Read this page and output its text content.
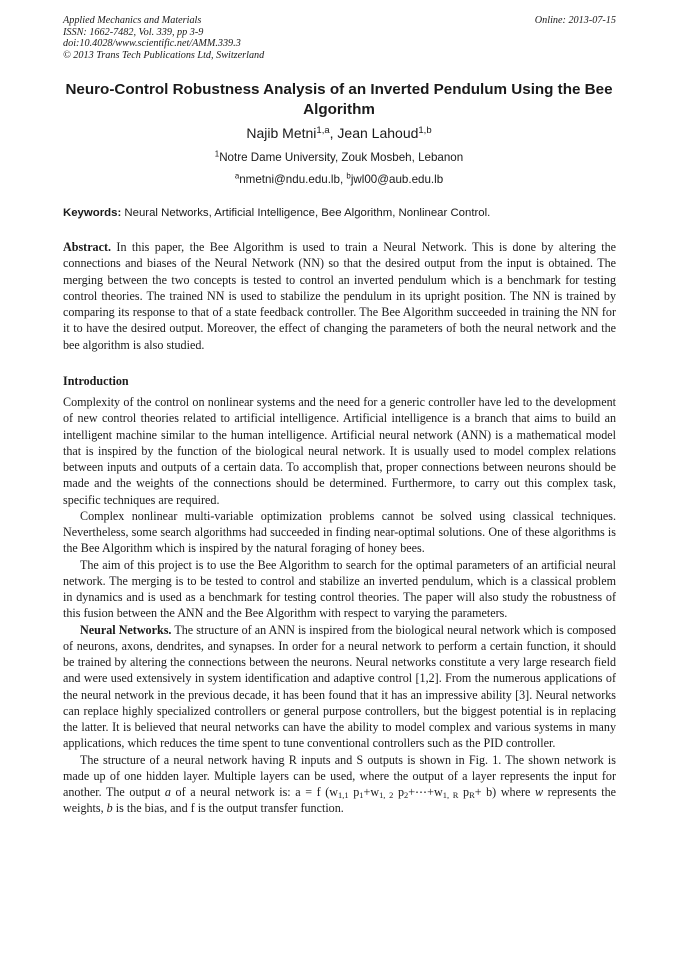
Applied Mechanics and Materials
ISSN: 1662-7482, Vol. 339, pp 3-9
doi:10.4028/www.scientific.net/AMM.339.3
© 2013 Trans Tech Publications Ltd, Switzerland
Online: 2013-07-15
Neuro-Control Robustness Analysis of an Inverted Pendulum Using the Bee Algorithm
Najib Metni$^{1,a}$, Jean Lahoud$^{1,b}$
$^1$Notre Dame University, Zouk Mosbeh, Lebanon
$^a$nmetni@ndu.edu.lb, $^b$jwl00@aub.edu.lb
Keywords: Neural Networks, Artificial Intelligence, Bee Algorithm, Nonlinear Control.
Abstract. In this paper, the Bee Algorithm is used to train a Neural Network. This is done by altering the connections and biases of the Neural Network (NN) so that the desired output from the input is obtained. The merging between the two concepts is tested to control an inverted pendulum which is a benchmark for testing control theories. The trained NN is used to stabilize the pendulum in its upright position. The NN is trained by comparing its response to that of a state feedback controller. The Bee Algorithm succeeded in training the NN for it to have the desired output. Moreover, the effect of changing the parameters of both the neural network and the bee algorithm is also studied.
Introduction

Complexity of the control on nonlinear systems and the need for a generic controller have led to the development of new control theories related to artificial intelligence. Artificial intelligence is a branch that aims to build an intelligent machine similar to the human intelligence. Artificial neural network (ANN) is a mathematical model that is inspired by the function of the biological neural network. It is usually used to model complex relations between inputs and outputs of a certain data. To accomplish that, proper connections between neurons should be made and the weights of the connections should be determined. Furthermore, to carry out this complex task, specific techniques are required.

Complex nonlinear multi-variable optimization problems cannot be solved using classical techniques. Nevertheless, some search algorithms had succeeded in finding near-optimal solutions. One of these algorithms is the Bee Algorithm which is inspired by the natural foraging of honey bees.

The aim of this project is to use the Bee Algorithm to search for the optimal parameters of an artificial neural network. The merging is to be tested to control and stabilize an inverted pendulum, which is a classical problem in dynamics and is used as a benchmark for testing control theories. The paper will also study the robustness of this fusion between the ANN and the Bee Algorithm with respect to varying the parameters.

Neural Networks. The structure of an ANN is inspired from the biological neural network which is composed of neurons, axons, dendrites, and synapses. In order for a neural network to perform a certain function, it should be trained by altering the connections between the neurons. Neural networks constitute a very large research field and were used extensively in system identification and adaptive control [1,2]. From the numerous applications of the neural network in the previous decade, it has been found that it has an impressive ability [3]. Neural networks can replace highly specialized controllers or general purpose controllers, but the biggest potential is in replacing the latter. It is believed that neural networks can have the ability to model complex and various systems in many applications, which reduces the time spent to tune conventional controllers such as the PID controller.

The structure of a neural network having R inputs and S outputs is shown in Fig. 1. The shown network is made up of one hidden layer. Multiple layers can be used, where the output of a layer represents the input for another. The output a of a neural network is: a = f ($w_{1,1}$ $p_1+w_{1, 2}$ $p_2+\cdots+w_{1, R}$ $p_R+ b$) where w represents the weights, b is the bias, and f is the output transfer function.
